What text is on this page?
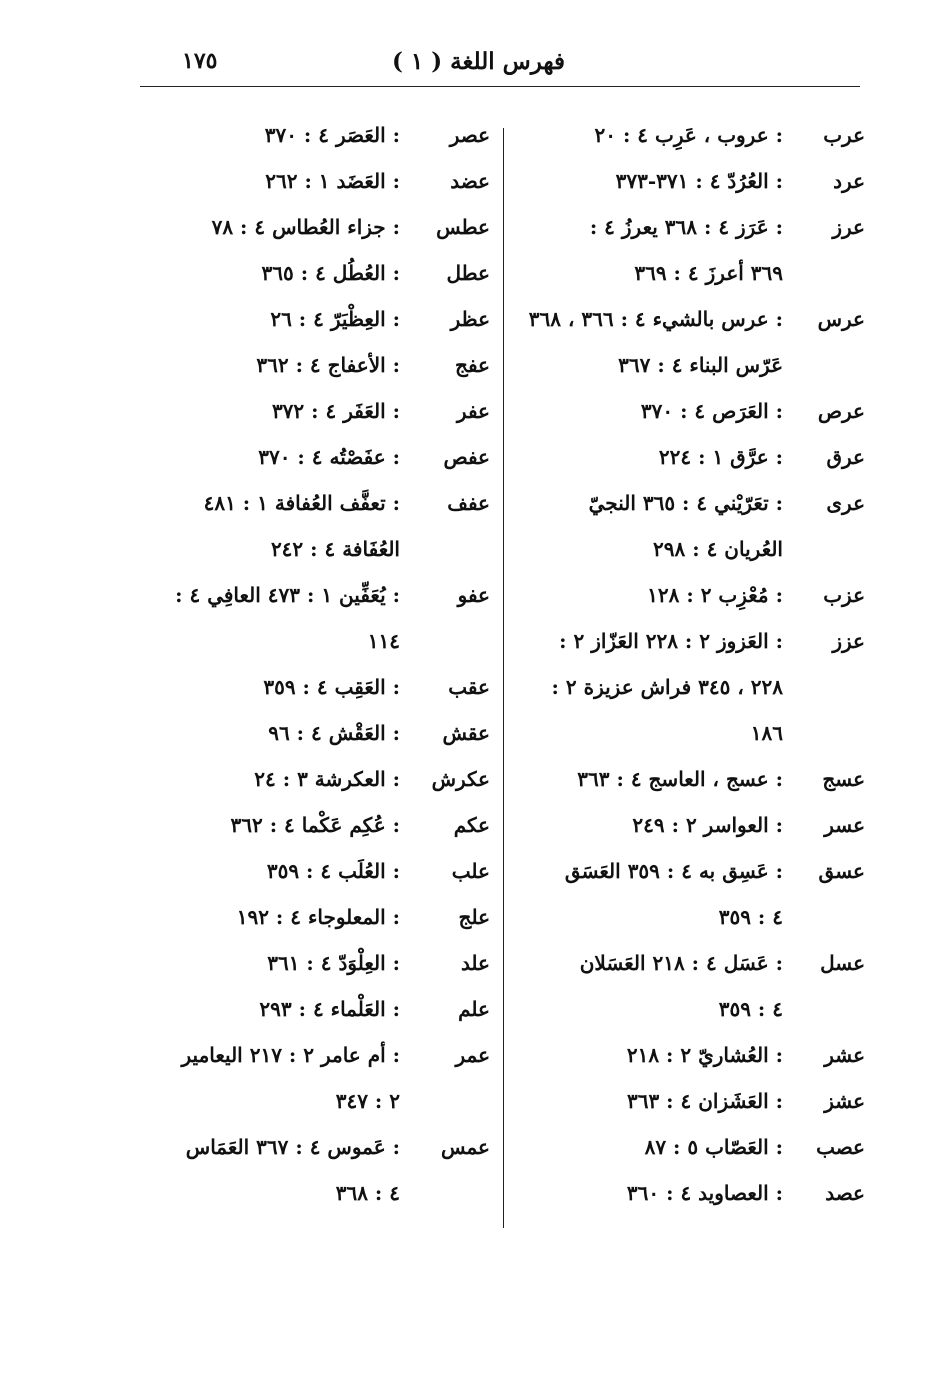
فهرس اللغة ( ١ )
١٧٥
عرب
: عروب ، عَرِب ٤ : ٢٠
عرد
: العُرُدّ ٤ : ٣٧١-٣٧٣
عرز
: عَرَز ٤ : ٣٦٨ يعرزُ ٤ :
٣٦٩ أعرزَ ٤ : ٣٦٩
عرس
: عرس بالشيء ٤ : ٣٦٦ ، ٣٦٨
عَرّس البناء ٤ : ٣٦٧
عرص
: العَرَص ٤ : ٣٧٠
عرق
: عرَّق ١ : ٢٢٤
عرى
: تعَرّيْني ٤ : ٣٦٥ النجيّ
العُريان ٤ : ٢٩٨
عزب
: مُعْزِب ٢ : ١٢٨
عزز
: العَزوز ٢ : ٢٢٨ العَزّاز ٢ :
٢٢٨ ، ٣٤٥ فراش عزيزة ٢ :
١٨٦
عسج
: عسج ، العاسج ٤ : ٣٦٣
عسر
: العواسر ٢ : ٢٤٩
عسق
: عَسِق به ٤ : ٣٥٩ العَسَق
٤ : ٣٥٩
عسل
: عَسَل ٤ : ٢١٨ العَسَلان
٤ : ٣٥٩
عشر
: العُشاريّ ٢ : ٢١٨
عشز
: العَشَزان ٤ : ٣٦٣
عصب
: العَصّاب ٥ : ٨٧
عصد
: العصاويد ٤ : ٣٦٠
عصر
: العَصَر ٤ : ٣٧٠
عضد
: العَضَد ١ : ٢٦٢
عطس
: جزاء العُطاس ٤ : ٧٨
عطل
: العُطُل ٤ : ٣٦٥
عظر
: العِظْيَرّ ٤ : ٢٦
عفج
: الأعفاج ٤ : ٣٦٢
عفر
: العَفَر ٤ : ٣٧٢
عفص
: عفَصْتُه ٤ : ٣٧٠
عفف
: تعفَّف العُفافة ١ : ٤٨١
العُفَافة ٤ : ٢٤٢
عفو
: يُعَفِّين ١ : ٤٧٣ العافِي ٤ :
١١٤
عقب
: العَقِب ٤ : ٣٥٩
عقش
: العَقْش ٤ : ٩٦
عكرش
: العكرشة ٣ : ٢٤
عكم
: عُكِم عَكْما ٤ : ٣٦٢
علب
: العُلَب ٤ : ٣٥٩
علج
: المعلوجاء ٤ : ١٩٢
علد
: العِلْوَدّ ٤ : ٣٦١
علم
: العَلْماء ٤ : ٢٩٣
عمر
: أم عامر ٢ : ٢١٧ اليعامير
٢ : ٣٤٧
عمس
: عَموس ٤ : ٣٦٧ العَمَاس
٤ : ٣٦٨
